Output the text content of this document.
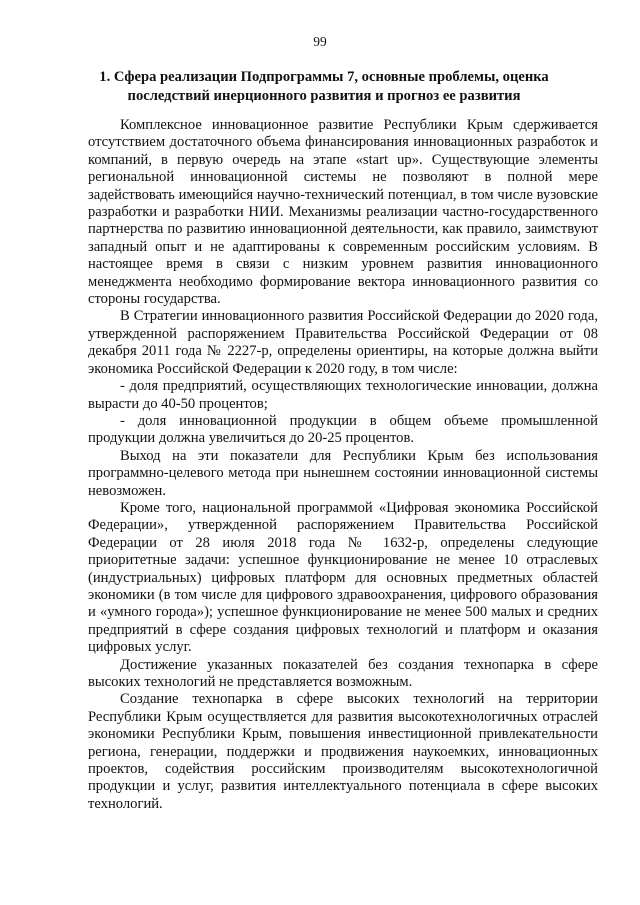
99
1. Сфера реализации Подпрограммы 7, основные проблемы, оценка последствий инерционного развития и прогноз ее развития

Комплексное инновационное развитие Республики Крым сдерживается отсутствием достаточного объема финансирования инновационных разработок и компаний, в первую очередь на этапе «start up». Существующие элементы региональной инновационной системы не позволяют в полной мере задействовать имеющийся научно-технический потенциал, в том числе вузовские разработки и разработки НИИ. Механизмы реализации частно-государственного партнерства по развитию инновационной деятельности, как правило, заимствуют западный опыт и не адаптированы к современным российским условиям. В настоящее время в связи с низким уровнем развития инновационного менеджмента необходимо формирование вектора инновационного развития со стороны государства.

В Стратегии инновационного развития Российской Федерации до 2020 года, утвержденной распоряжением Правительства Российской Федерации от 08 декабря 2011 года № 2227-р, определены ориентиры, на которые должна выйти экономика Российской Федерации к 2020 году, в том числе:

- доля предприятий, осуществляющих технологические инновации, должна вырасти до 40-50 процентов;

- доля инновационной продукции в общем объеме промышленной продукции должна увеличиться до 20-25 процентов.

Выход на эти показатели для Республики Крым без использования программно-целевого метода при нынешнем состоянии инновационной системы невозможен.

Кроме того, национальной программой «Цифровая экономика Российской Федерации», утвержденной распоряжением Правительства Российской Федерации от 28 июля 2018 года № 1632-р, определены следующие приоритетные задачи: успешное функционирование не менее 10 отраслевых (индустриальных) цифровых платформ для основных предметных областей экономики (в том числе для цифрового здравоохранения, цифрового образования и «умного города»); успешное функционирование не менее 500 малых и средних предприятий в сфере создания цифровых технологий и платформ и оказания цифровых услуг.

Достижение указанных показателей без создания технопарка в сфере высоких технологий не представляется возможным.

Создание технопарка в сфере высоких технологий на территории Республики Крым осуществляется для развития высокотехнологичных отраслей экономики Республики Крым, повышения инвестиционной привлекательности региона, генерации, поддержки и продвижения наукоемких, инновационных проектов, содействия российским производителям высокотехнологичной продукции и услуг, развития интеллектуального потенциала в сфере высоких технологий.
